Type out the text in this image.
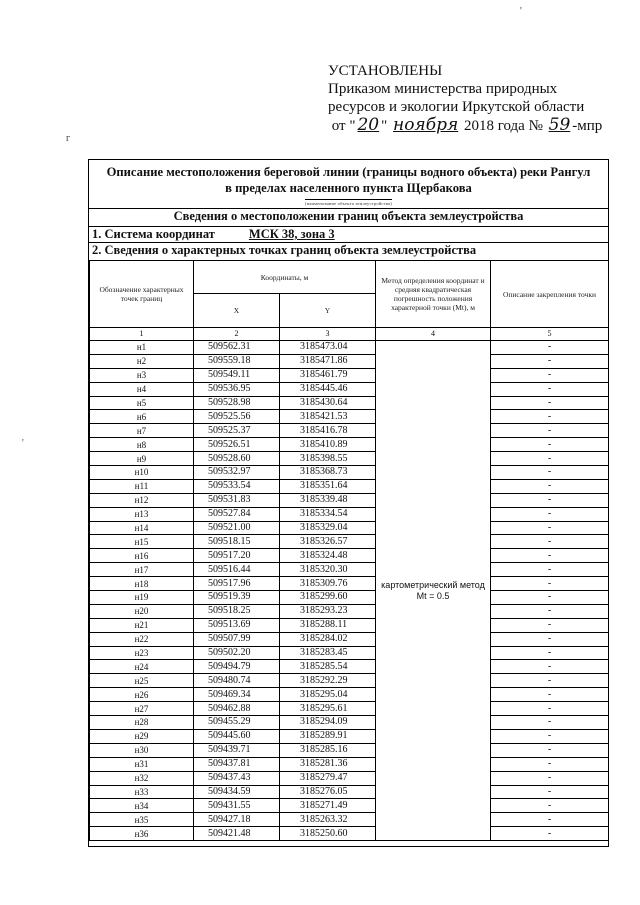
'
г
'
УСТАНОВЛЕНЫ
Приказом министерства природных
ресурсов и экологии Иркутской области
от " 20 " ноября 2018 года № 59 -мпр
Описание местоположения береговой линии (границы водного объекта) реки Рангул
в пределах населенного пункта Щербакова
(наименование объекта землеустройства)
Сведения о местоположении границ объекта землеустройства
1. Система координат	МСК 38, зона 3
2. Сведения о характерных точках границ объекта землеустройства
Обозначение характерных точек границ	Координаты, м		Метод определения координат и средняя квадратическая погрешность положения характерной точки (Mt), м	Описание закрепления точки
	X	Y		
1	2	3	4	5
н1	509562.31	3185473.04	картометрический метод Mt = 0.5	-
н2	509559.18	3185471.86		-
н3	509549.11	3185461.79		-
н4	509536.95	3185445.46		-
н5	509528.98	3185430.64		-
н6	509525.56	3185421.53		-
н7	509525.37	3185416.78		-
н8	509526.51	3185410.89		-
н9	509528.60	3185398.55		-
н10	509532.97	3185368.73		-
н11	509533.54	3185351.64		-
н12	509531.83	3185339.48		-
н13	509527.84	3185334.54		-
н14	509521.00	3185329.04		-
н15	509518.15	3185326.57		-
н16	509517.20	3185324.48		-
н17	509516.44	3185320.30		-
н18	509517.96	3185309.76		-
н19	509519.39	3185299.60		-
н20	509518.25	3185293.23		-
н21	509513.69	3185288.11		-
н22	509507.99	3185284.02		-
н23	509502.20	3185283.45		-
н24	509494.79	3185285.54		-
н25	509480.74	3185292.29		-
н26	509469.34	3185295.04		-
н27	509462.88	3185295.61		-
н28	509455.29	3185294.09		-
н29	509445.60	3185289.91		-
н30	509439.71	3185285.16		-
н31	509437.81	3185281.36		-
н32	509437.43	3185279.47		-
н33	509434.59	3185276.05		-
н34	509431.55	3185271.49		-
н35	509427.18	3185263.32		-
н36	509421.48	3185250.60		-
